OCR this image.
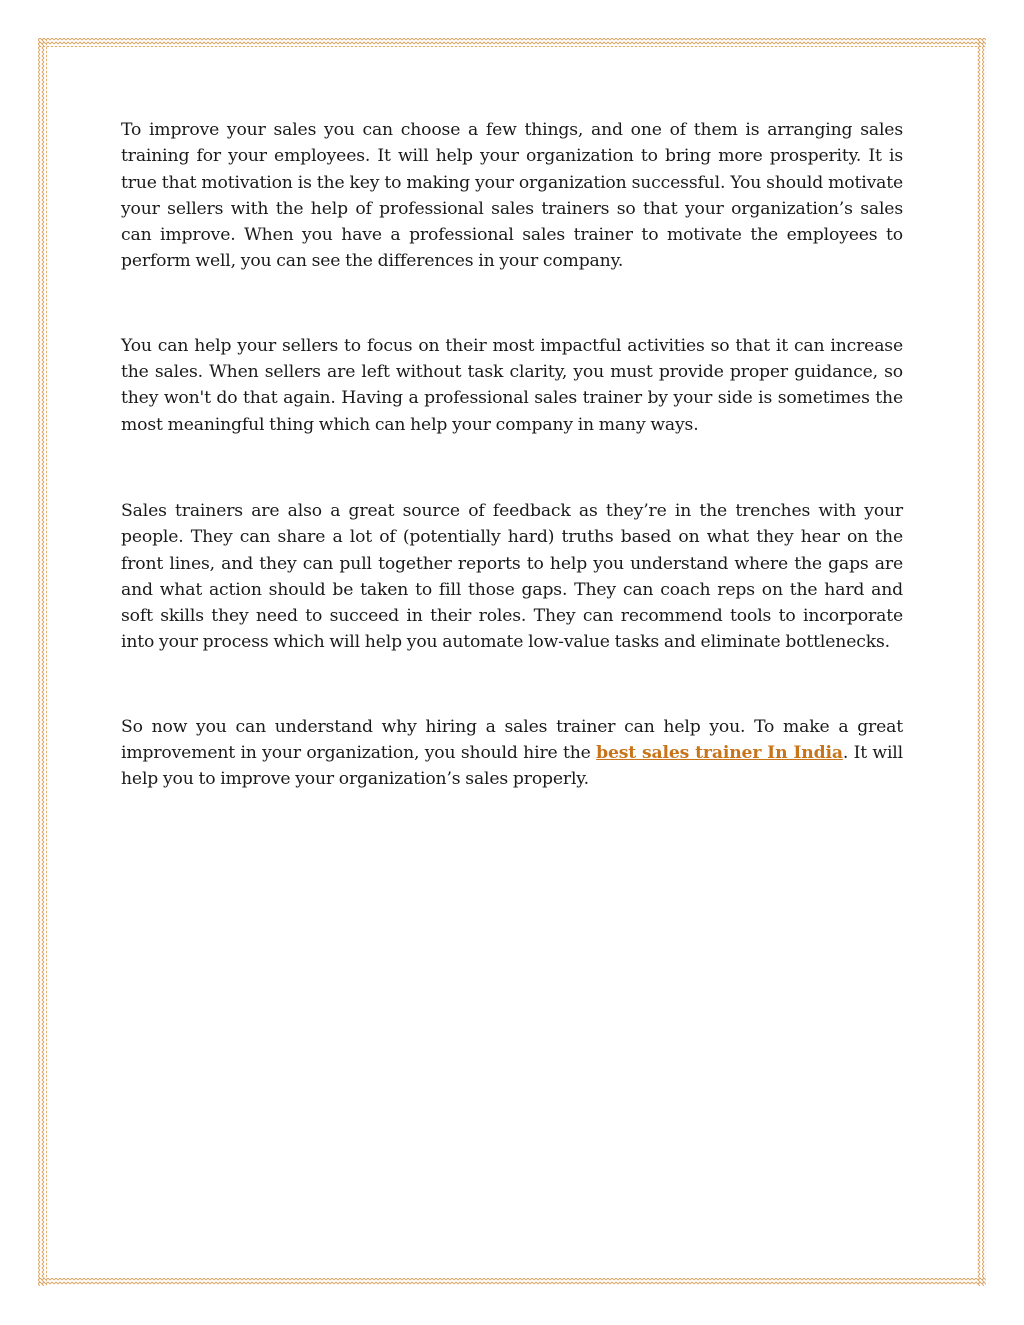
To improve your sales you can choose a few things, and one of them is arranging sales training for your employees. It will help your organization to bring more prosperity. It is true that motivation is the key to making your organization successful. You should motivate your sellers with the help of professional sales trainers so that your organization’s sales can improve. When you have a professional sales trainer to motivate the employees to perform well, you can see the differences in your company.

You can help your sellers to focus on their most impactful activities so that it can increase the sales. When sellers are left without task clarity, you must provide proper guidance, so they won't do that again. Having a professional sales trainer by your side is sometimes the most meaningful thing which can help your company in many ways.

Sales trainers are also a great source of feedback as they’re in the trenches with your people. They can share a lot of (potentially hard) truths based on what they hear on the front lines, and they can pull together reports to help you understand where the gaps are and what action should be taken to fill those gaps. They can coach reps on the hard and soft skills they need to succeed in their roles. They can recommend tools to incorporate into your process which will help you automate low-value tasks and eliminate bottlenecks.

So now you can understand why hiring a sales trainer can help you. To make a great improvement in your organization, you should hire the best sales trainer In India. It will help you to improve your organization’s sales properly.
